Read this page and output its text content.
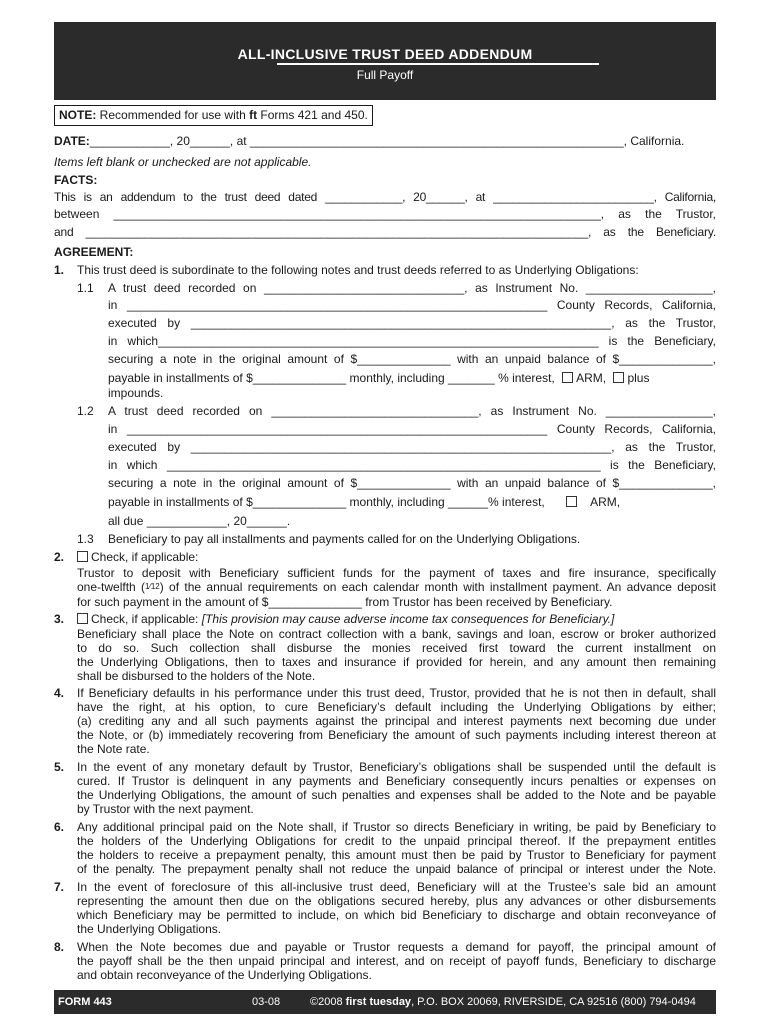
ALL-INCLUSIVE TRUST DEED ADDENDUM
Full Payoff
NOTE: Recommended for use with ft Forms 421 and 450.
DATE:____________, 20______, at ________________________________________________________, California.
Items left blank or unchecked are not applicable.
FACTS:
This is an addendum to the trust deed dated ____________, 20______, at _________________________, California,
between _________________________________________________________________________, as the Trustor,
and _____________________________________________________________________________, as the Beneficiary.
AGREEMENT:
1. This trust deed is subordinate to the following notes and trust deeds referred to as Underlying Obligations:
1.1 A trust deed recorded on ______________________________, as Instrument No. ___________________,
in _______________________________________________________________ County Records, California,
executed by _______________________________________________________________, as the Trustor,
in which__________________________________________________________________ is the Beneficiary,
securing a note in the original amount of $______________ with an unpaid balance of $______________,
payable in installments of $______________ monthly, including _______ % interest, ARM, plus
impounds.
1.2 A trust deed recorded on _______________________________, as Instrument No. ________________,
in _______________________________________________________________ County Records, California,
executed by _______________________________________________________________, as the Trustor,
in which _________________________________________________________________ is the Beneficiary,
securing a note in the original amount of $______________ with an unpaid balance of $______________,
payable in installments of $______________ monthly, including ______% interest,	ARM,
all due ____________, 20______.
1.3 Beneficiary to pay all installments and payments called for on the Underlying Obligations.
2.	Check, if applicable:
Trustor to deposit with Beneficiary sufficient funds for the payment of taxes and fire insurance, specifically
one-twelfth (1⁄12) of the annual requirements on each calendar month with installment payment. An advance deposit
for such payment in the amount of $______________ from Trustor has been received by Beneficiary.
3.	Check, if applicable: [This provision may cause adverse income tax consequences for Beneficiary.]
Beneficiary shall place the Note on contract collection with a bank, savings and loan, escrow or broker authorized
to do so. Such collection shall disburse the monies received first toward the current installment on
the Underlying Obligations, then to taxes and insurance if provided for herein, and any amount then remaining
shall be disbursed to the holders of the Note.
4. If Beneficiary defaults in his performance under this trust deed, Trustor, provided that he is not then in default, shall
have the right, at his option, to cure Beneficiary’s default including the Underlying Obligations by either;
(a) crediting any and all such payments against the principal and interest payments next becoming due under
the Note, or (b) immediately recovering from Beneficiary the amount of such payments including interest thereon at
the Note rate.
5. In the event of any monetary default by Trustor, Beneficiary’s obligations shall be suspended until the default is
cured. If Trustor is delinquent in any payments and Beneficiary consequently incurs penalties or expenses on
the Underlying Obligations, the amount of such penalties and expenses shall be added to the Note and be payable
by Trustor with the next payment.
6. Any additional principal paid on the Note shall, if Trustor so directs Beneficiary in writing, be paid by Beneficiary to
the holders of the Underlying Obligations for credit to the unpaid principal thereof. If the prepayment entitles
the holders to receive a prepayment penalty, this amount must then be paid by Trustor to Beneficiary for payment
of the penalty. The prepayment penalty shall not reduce the unpaid balance of principal or interest under the Note.
7. In the event of foreclosure of this all-inclusive trust deed, Beneficiary will at the Trustee’s sale bid an amount
representing the amount then due on the obligations secured hereby, plus any advances or other disbursements
which Beneficiary may be permitted to include, on which bid Beneficiary to discharge and obtain reconveyance of
the Underlying Obligations.
8. When the Note becomes due and payable or Trustor requests a demand for payoff, the principal amount of
the payoff shall be the then unpaid principal and interest, and on receipt of payoff funds, Beneficiary to discharge
and obtain reconveyance of the Underlying Obligations.
FORM 443	03-08	©2008 first tuesday, P.O. BOX 20069, RIVERSIDE, CA 92516 (800) 794-0494
